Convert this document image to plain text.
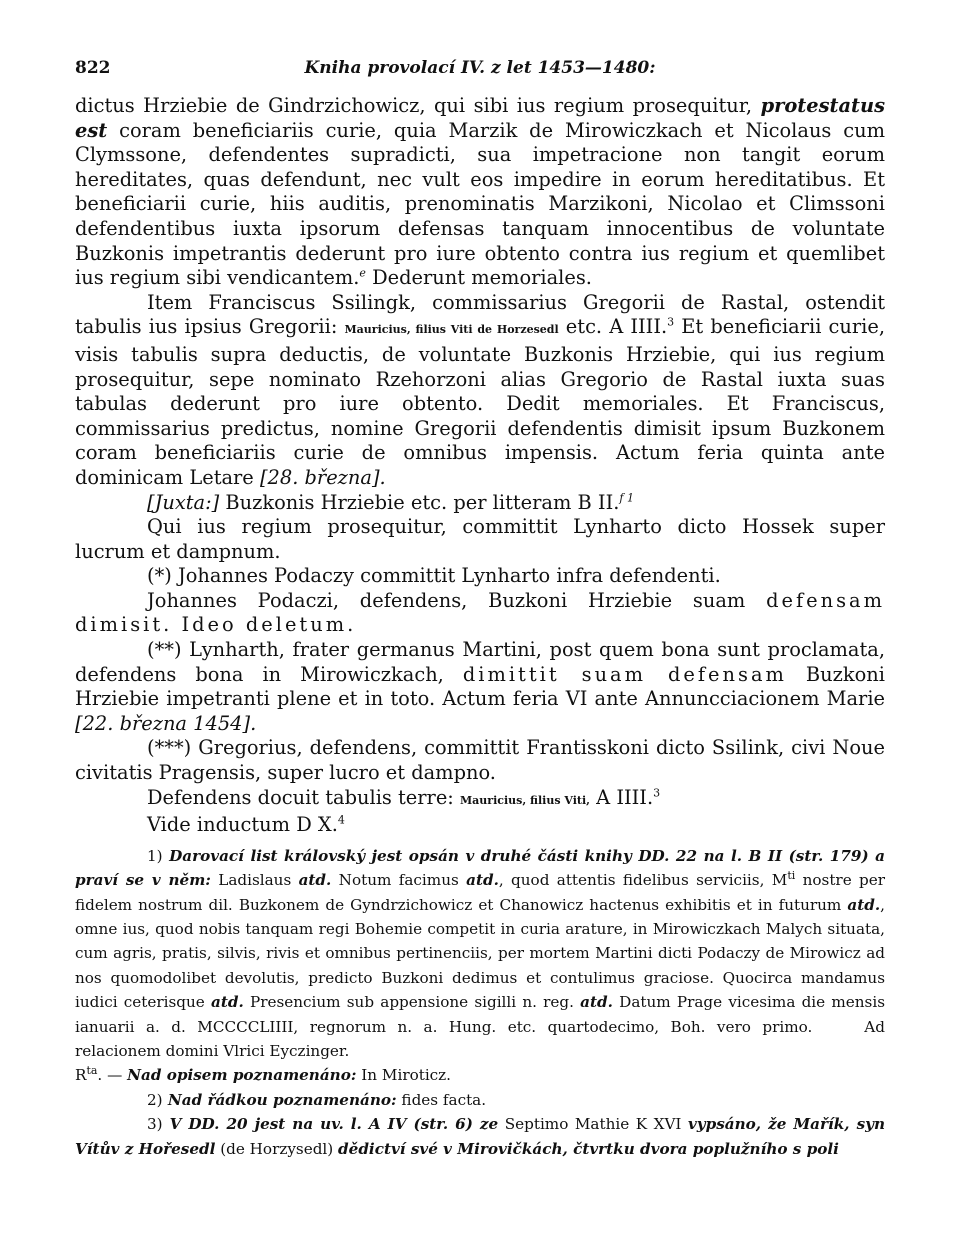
822	Kniha provolací IV. z let 1453—1480:

dictus Hrziebie de Gindrzichowicz, qui sibi ius regium prosequitur, protestatus est coram beneficiariis curie, quia Marzik de Mirowiczkach et Nicolaus cum Clymssone, defendentes supradicti, sua impetracione non tangit eorum hereditates, quas defendunt, nec vult eos impedire in eorum hereditatibus. Et beneficiarii curie, hiis auditis, prenominatis Marzikoni, Nicolao et Climssoni defendentibus iuxta ipsorum defensas tanquam innocentibus de voluntate Buzkonis impetrantis dederunt pro iure obtento contra ius regium et quemlibet ius regium sibi vendicantem.$^e$ Dederunt memoriales.

Item Franciscus Ssilingk, commissarius Gregorii de Rastal, ostendit tabulis ius ipsius Gregorii: Mauricius, filius Viti de Horzesedl etc. A IIII.$^3$ Et beneficiarii curie, visis tabulis supra deductis, de voluntate Buzkonis Hrziebie, qui ius regium prosequitur, sepe nominato Rzehorzoni alias Gregorio de Rastal iuxta suas tabulas dederunt pro iure obtento. Dedit memoriales. Et Franciscus, commissarius predictus, nomine Gregorii defendentis dimisit ipsum Buzkonem coram beneficiariis curie de omnibus impensis. Actum feria quinta ante dominicam Letare [28. března].

[Juxta:] Buzkonis Hrziebie etc. per litteram B II.$^{f 1}$

Qui ius regium prosequitur, committit Lynharto dicto Hossek super lucrum et dampnum.

(*) Johannes Podaczy committit Lynharto infra defendenti.

Johannes Podaczi, defendens, Buzkoni Hrziebie suam defensam dimisit. Ideo deletum.

(**) Lynharth, frater germanus Martini, post quem bona sunt proclamata, defendens bona in Mirowiczkach, dimittit suam defensam Buzkoni Hrziebie impetranti plene et in toto. Actum feria VI ante Annuncciacionem Marie [22. března 1454].

(***) Gregorius, defendens, committit Frantisskoni dicto Ssilink, civi Noue civitatis Pragensis, super lucro et dampno.

Defendens docuit tabulis terre: Mauricius, filius Viti, A IIII.$^3$

Vide inductum D X.$^4$

1) Darovací list královský jest opsán v druhé části knihy DD. 22 na l. B II (str. 179) a praví se v něm: Ladislaus atd. Notum facimus atd., quod attentis fidelibus serviciis, $M^{ti}$ nostre per fidelem nostrum dil. Buzkonem de Gyndrzichowicz et Chanowicz hactenus exhibitis et in futurum atd., omne ius, quod nobis tanquam regi Bohemie competit in curia arature, in Mirowiczkach Malych situata, cum agris, pratis, silvis, rivis et omnibus pertinenciis, per mortem Martini dicti Podaczy de Mirowicz ad nos quomodolibet devolutis, predicto Buzkoni dedimus et contulimus graciose. Quocirca mandamus iudici ceterisque atd. Presencium sub appensione sigilli n. reg. atd. Datum Prage vicesima die mensis ianuarii a. d. MCCCCLIIII, regnorum n. a. Hung. etc. quartodecimo, Boh. vero primo.	Ad relacionem domini Vlrici Eyczinger.

$R^{ta}$. — Nad opisem poznamenáno: In Miroticz.

2) Nad řádkou poznamenáno: fides facta.

3) V DD. 20 jest na uv. l. A IV (str. 6) ze Septimo Mathie K XVI vypsáno, že Mařík, syn Vítův z Hořesedl (de Horzysedl) dědictví své v Mirovičkách, čtvrtku dvora poplužního s poli
